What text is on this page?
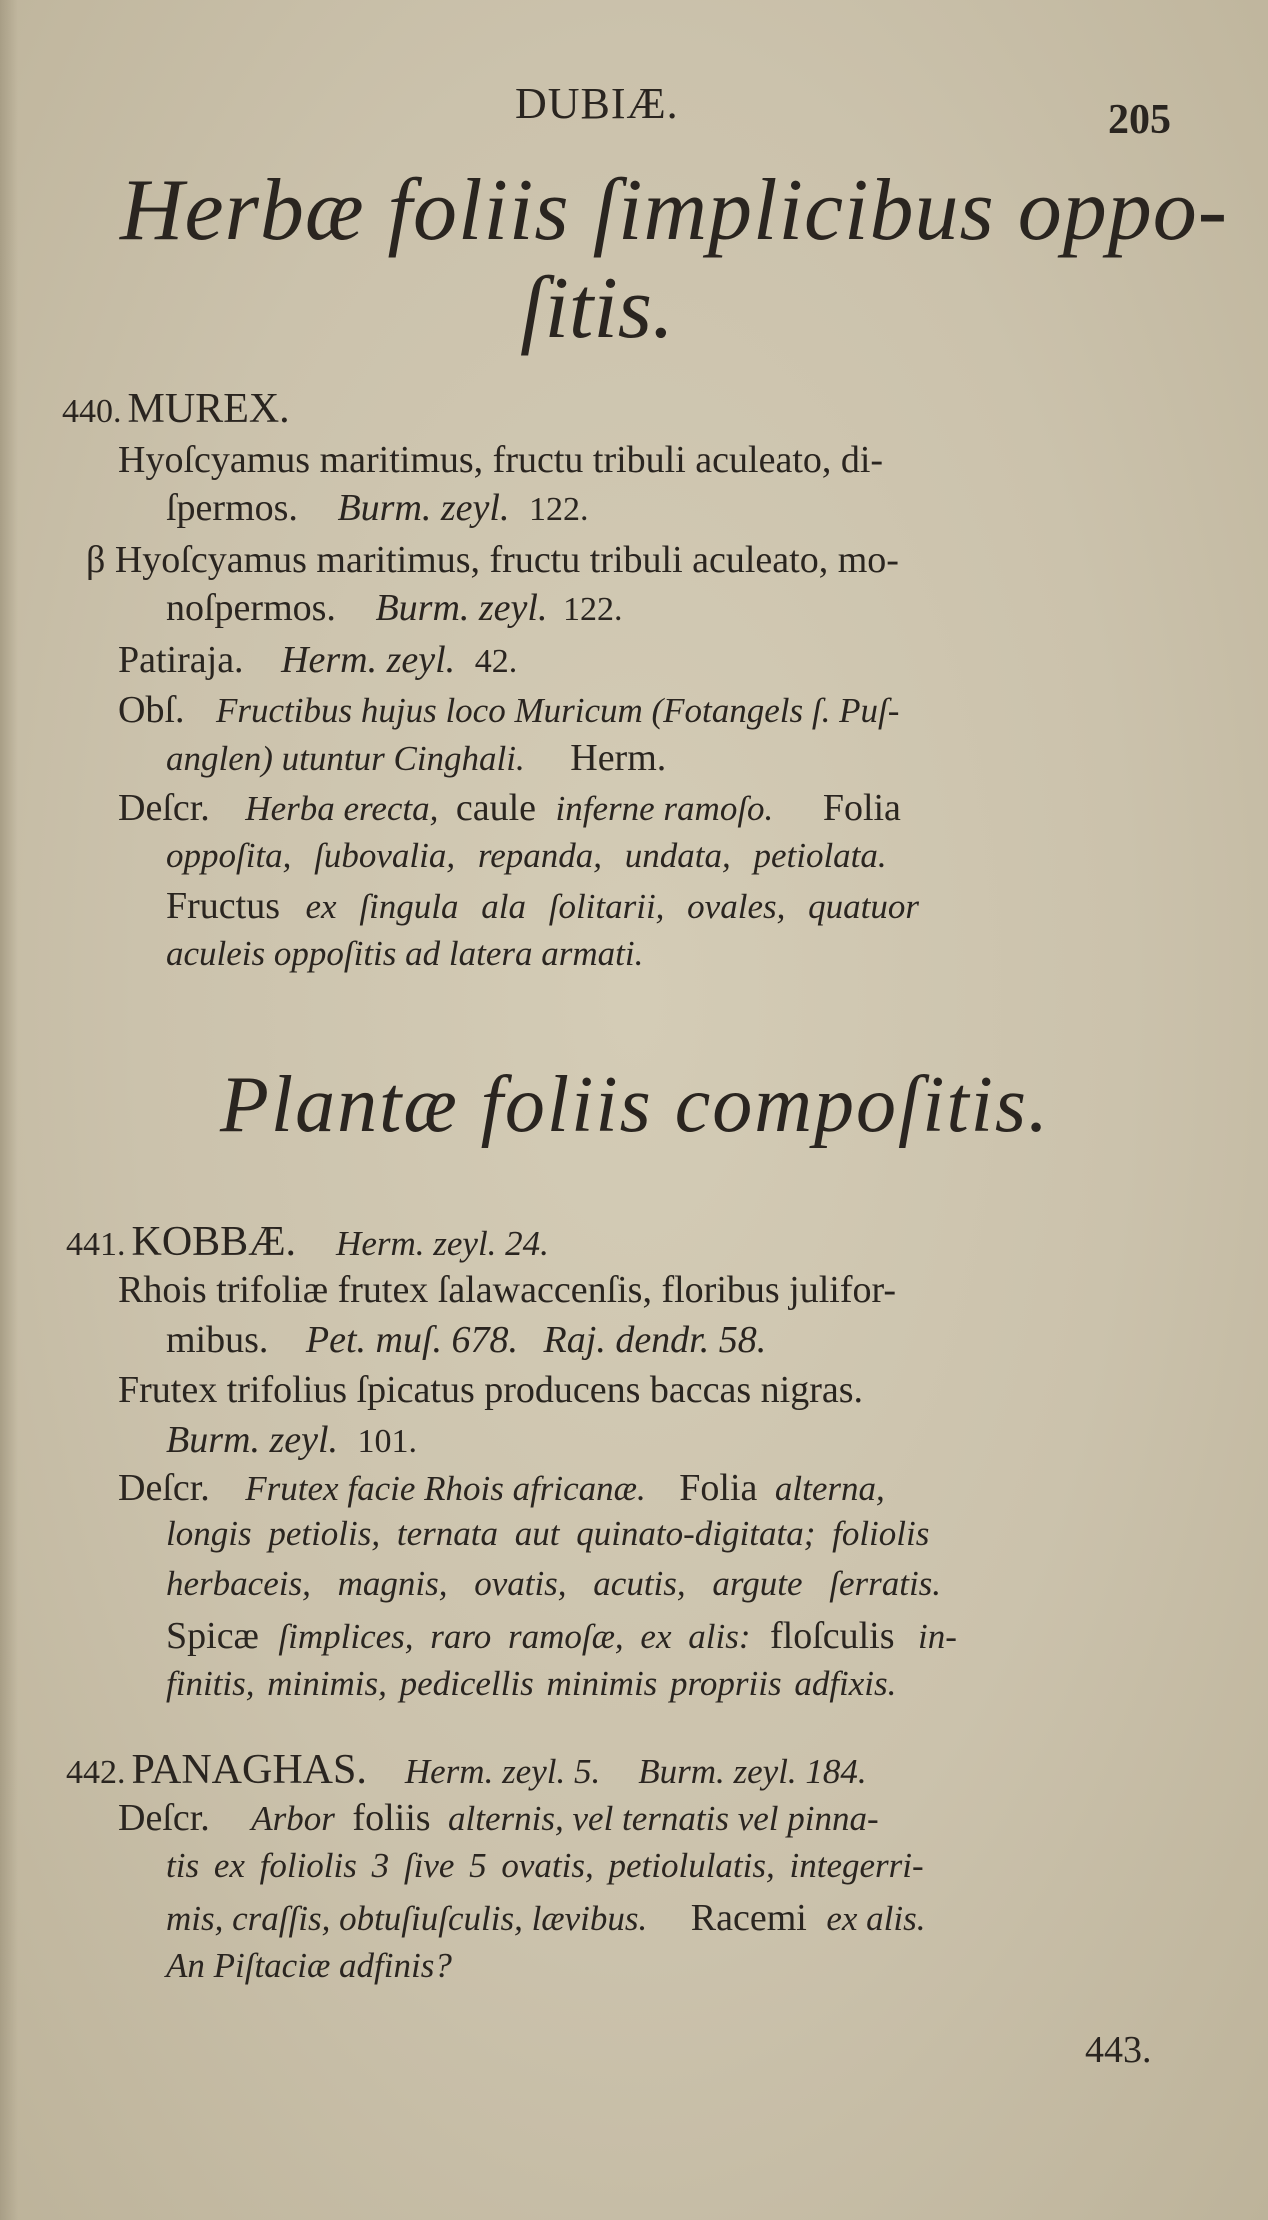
DUBIÆ.	205
Herbæ foliis ſimplicibus oppo-
ſitis.
440. MUREX.
Hyoſcyamus maritimus, fructu tribuli aculeato, di-
ſpermos. Burm. zeyl. 122.
β Hyoſcyamus maritimus, fructu tribuli aculeato, mo-
noſpermos. Burm. zeyl. 122.
Patiraja. Herm. zeyl. 42.
Obſ. Fructibus hujus loco Muricum (Fotangels ſ. Puſ-
anglen) utuntur Cinghali. Herm.
Deſcr. Herba erecta, caule inferne ramoſo. Folia
oppoſita, ſubovalia, repanda, undata, petiolata.
Fructus ex ſingula ala ſolitarii, ovales, quatuor
aculeis oppoſitis ad latera armati.
Plantæ foliis compoſitis.
441. KOBBÆ. Herm. zeyl. 24.
Rhois trifoliæ frutex ſalawaccenſis, floribus julifor-
mibus. Pet. muſ. 678. Raj. dendr. 58.
Frutex trifolius ſpicatus producens baccas nigras.
Burm. zeyl. 101.
Deſcr. Frutex facie Rhois africanæ. Folia alterna,
longis petiolis, ternata aut quinato-digitata; foliolis
herbaceis, magnis, ovatis, acutis, argute ſerratis.
Spicæ ſimplices, raro ramoſæ, ex alis: floſculis in-
finitis, minimis, pedicellis minimis propriis adfixis.
442. PANAGHAS. Herm. zeyl. 5. Burm. zeyl. 184.
Deſcr. Arbor foliis alternis, vel ternatis vel pinna-
tis ex foliolis 3 ſive 5 ovatis, petiolulatis, integerri-
mis, craſſis, obtuſiuſculis, lævibus. Racemi ex alis.
An Piſtaciæ adfinis?
443.
